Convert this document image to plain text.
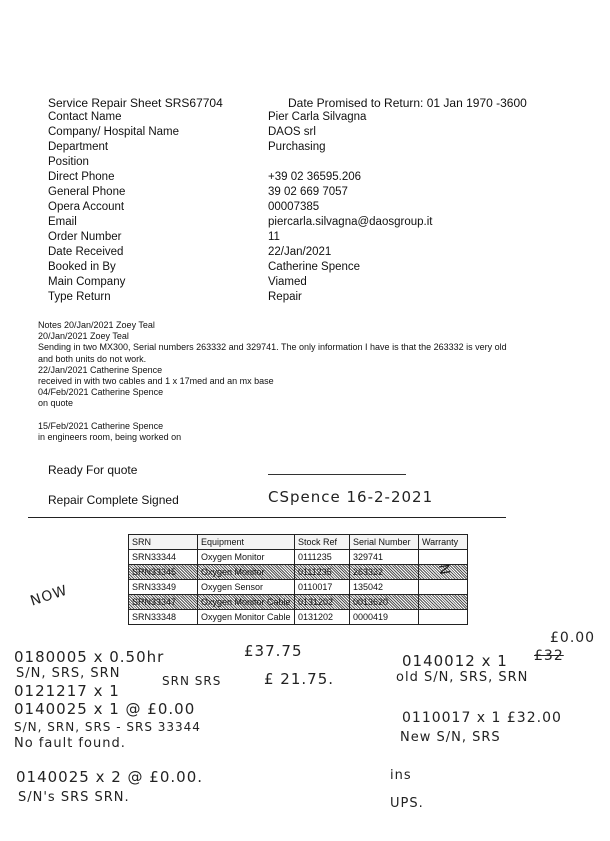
Service Repair Sheet SRS67704	Date Promised to Return: 01 Jan 1970 -3600
Contact Name	Pier Carla Silvagna
Company/ Hospital Name	DAOS srl
Department	Purchasing
Position
Direct Phone	+39 02 36595.206
General Phone	39 02 669 7057
Opera Account	00007385
Email	piercarla.silvagna@daosgroup.it
Order Number	11
Date Received	22/Jan/2021
Booked in By	Catherine Spence
Main Company	Viamed
Type Return	Repair
Notes 20/Jan/2021 Zoey Teal
20/Jan/2021 Zoey Teal
Sending in two MX300, Serial numbers 263332 and 329741. The only information I have is that the 263332 is very old
and both units do not work.
22/Jan/2021 Catherine Spence
received in with two cables and 1 x 17med and an mx base
04/Feb/2021 Catherine Spence
on quote
15/Feb/2021 Catherine Spence
in engineers room, being worked on
Ready For quote
Repair Complete Signed	CSpence 16-2-2021
SRN	Equipment	Stock Ref	Serial Number	Warranty
SRN33344	Oxygen Monitor	0111235	329741	
SRN33345	Oxygen Monitor	0111235	263332	
SRN33349	Oxygen Sensor	0110017	135042	
SRN33347	Oxygen Monitor Cable	0131202	0013620	
SRN33348	Oxygen Monitor Cable	0131202	0000419	
NOW
N
0180005 x 0.50hr	£37.75
S/N, SRS, SRN
0121217 x 1
SRN SRS	£ 21.75.
0140025 x 1 @ £0.00
S/N, SRN, SRS - SRS 33344
No fault found.
0140025 x 2 @ £0.00.
S/N's SRS SRN.
0140012 x 1
£0.00
£32
old S/N, SRS, SRN
0110017 x 1 £32.00
New S/N, SRS
ins
UPS.
